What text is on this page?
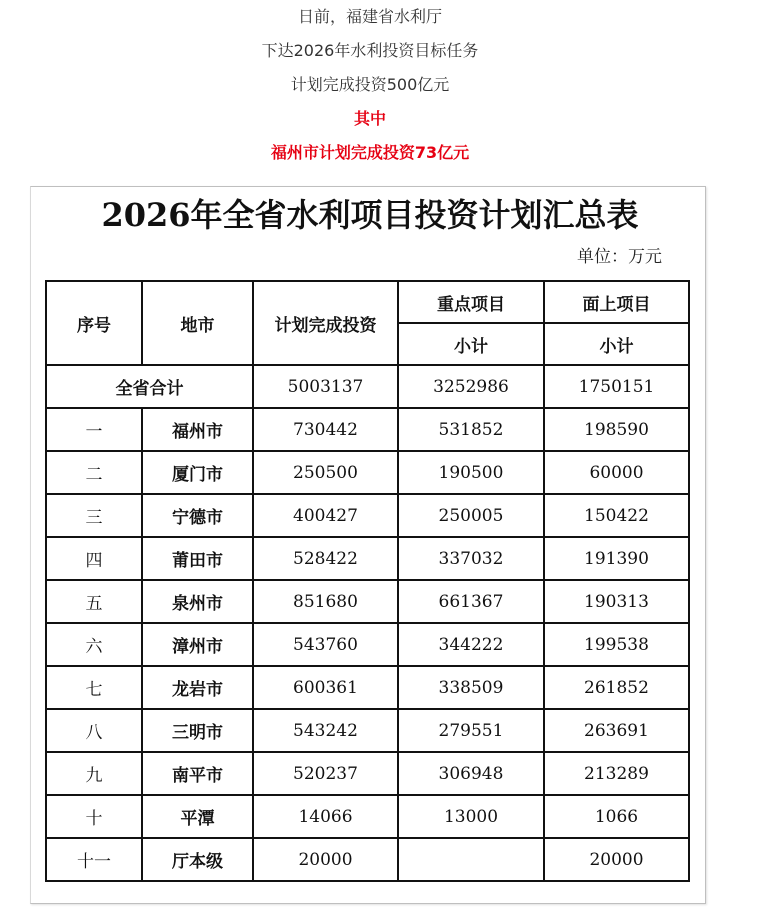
日前，福建省水利厅
下达2026年水利投资目标任务
计划完成投资500亿元
其中
福州市计划完成投资73亿元
2026年全省水利项目投资计划汇总表
单位：万元
序号	地市	计划完成投资	重点项目	面上项目
			小计	小计
全省合计		5003137	3252986	1750151
一	福州市	730442	531852	198590
二	厦门市	250500	190500	60000
三	宁德市	400427	250005	150422
四	莆田市	528422	337032	191390
五	泉州市	851680	661367	190313
六	漳州市	543760	344222	199538
七	龙岩市	600361	338509	261852
八	三明市	543242	279551	263691
九	南平市	520237	306948	213289
十	平潭	14066	13000	1066
十一	厅本级	20000		20000
